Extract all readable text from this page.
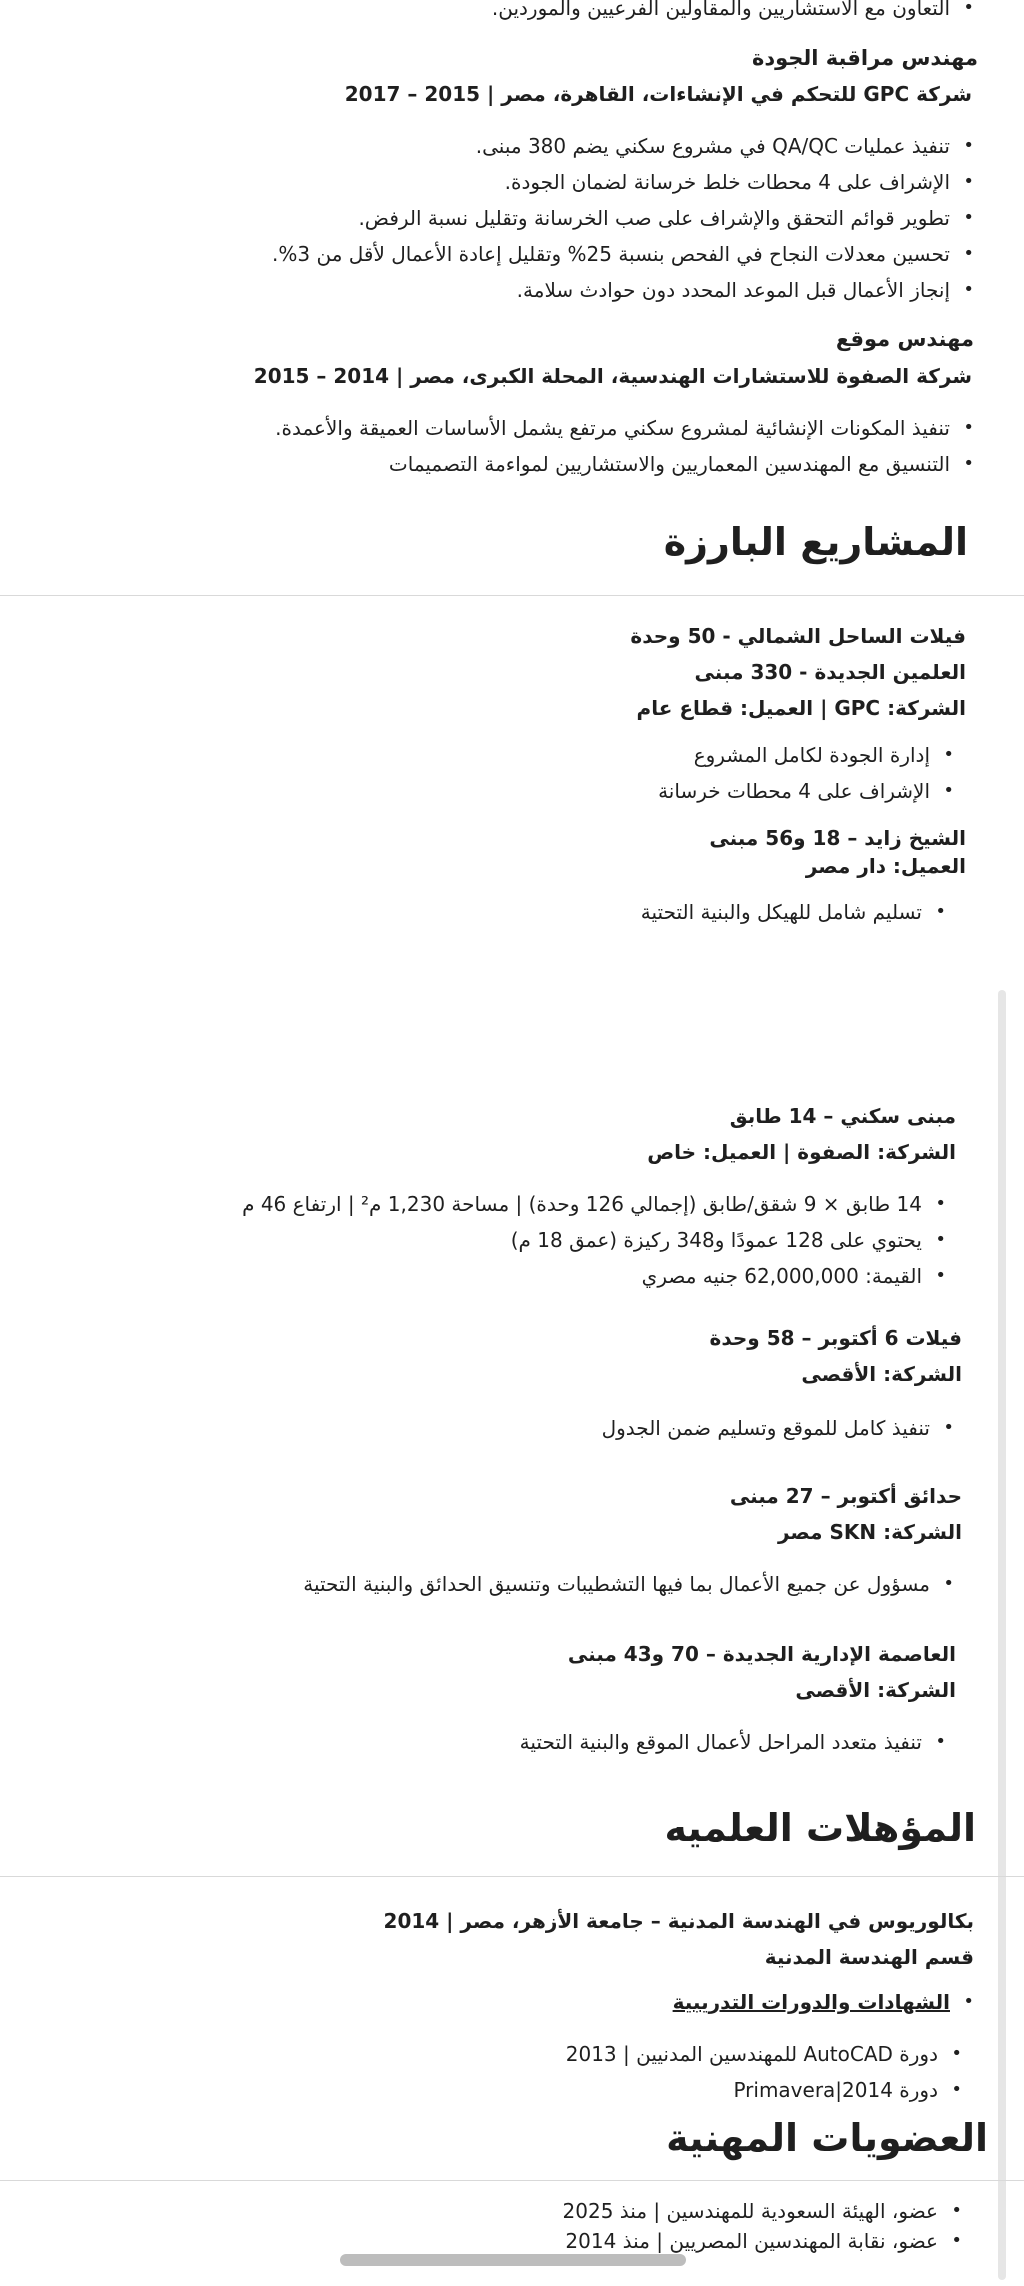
• التعاون مع الاستشاريين والمقاولين الفرعيين والموردين.
مهندس مراقبة الجودة
شركة GPC للتحكم في الإنشاءات، القاهرة، مصر | 2015 – 2017
• تنفيذ عمليات QA/QC في مشروع سكني يضم 380 مبنى.
• الإشراف على 4 محطات خلط خرسانة لضمان الجودة.
• تطوير قوائم التحقق والإشراف على صب الخرسانة وتقليل نسبة الرفض.
• تحسين معدلات النجاح في الفحص بنسبة 25% وتقليل إعادة الأعمال لأقل من 3%.
• إنجاز الأعمال قبل الموعد المحدد دون حوادث سلامة.
مهندس موقع
شركة الصفوة للاستشارات الهندسية، المحلة الكبرى، مصر | 2014 – 2015
• تنفيذ المكونات الإنشائية لمشروع سكني مرتفع يشمل الأساسات العميقة والأعمدة.
• التنسيق مع المهندسين المعماريين والاستشاريين لمواءمة التصميمات
المشاريع البارزة
فيلات الساحل الشمالي - 50 وحدة
العلمين الجديدة - 330 مبنى
الشركة: GPC | العميل: قطاع عام
• إدارة الجودة لكامل المشروع
• الإشراف على 4 محطات خرسانة
الشيخ زايد – 18 و56 مبنى
العميل: دار مصر
• تسليم شامل للهيكل والبنية التحتية
مبنى سكني – 14 طابق
الشركة: الصفوة | العميل: خاص
• 14 طابق × 9 شقق/طابق (إجمالي 126 وحدة) | مساحة 1,230 م² | ارتفاع 46 م
• يحتوي على 128 عمودًا و348 ركيزة (عمق 18 م)
• القيمة: 62,000,000 جنيه مصري
فيلات 6 أكتوبر – 58 وحدة
الشركة: الأقصى
• تنفيذ كامل للموقع وتسليم ضمن الجدول
حدائق أكتوبر – 27 مبنى
الشركة: SKN مصر
• مسؤول عن جميع الأعمال بما فيها التشطيبات وتنسيق الحدائق والبنية التحتية
العاصمة الإدارية الجديدة – 70 و43 مبنى
الشركة: الأقصى
• تنفيذ متعدد المراحل لأعمال الموقع والبنية التحتية
المؤهلات العلميه
بكالوريوس في الهندسة المدنية – جامعة الأزهر، مصر | 2014
قسم الهندسة المدنية
• الشهادات والدورات التدريبية
• دورة AutoCAD للمهندسين المدنيين | 2013
• دورة Primavera|2014
العضويات المهنية
• عضو، الهيئة السعودية للمهندسين | منذ 2025
• عضو، نقابة المهندسين المصريين | منذ 2014
